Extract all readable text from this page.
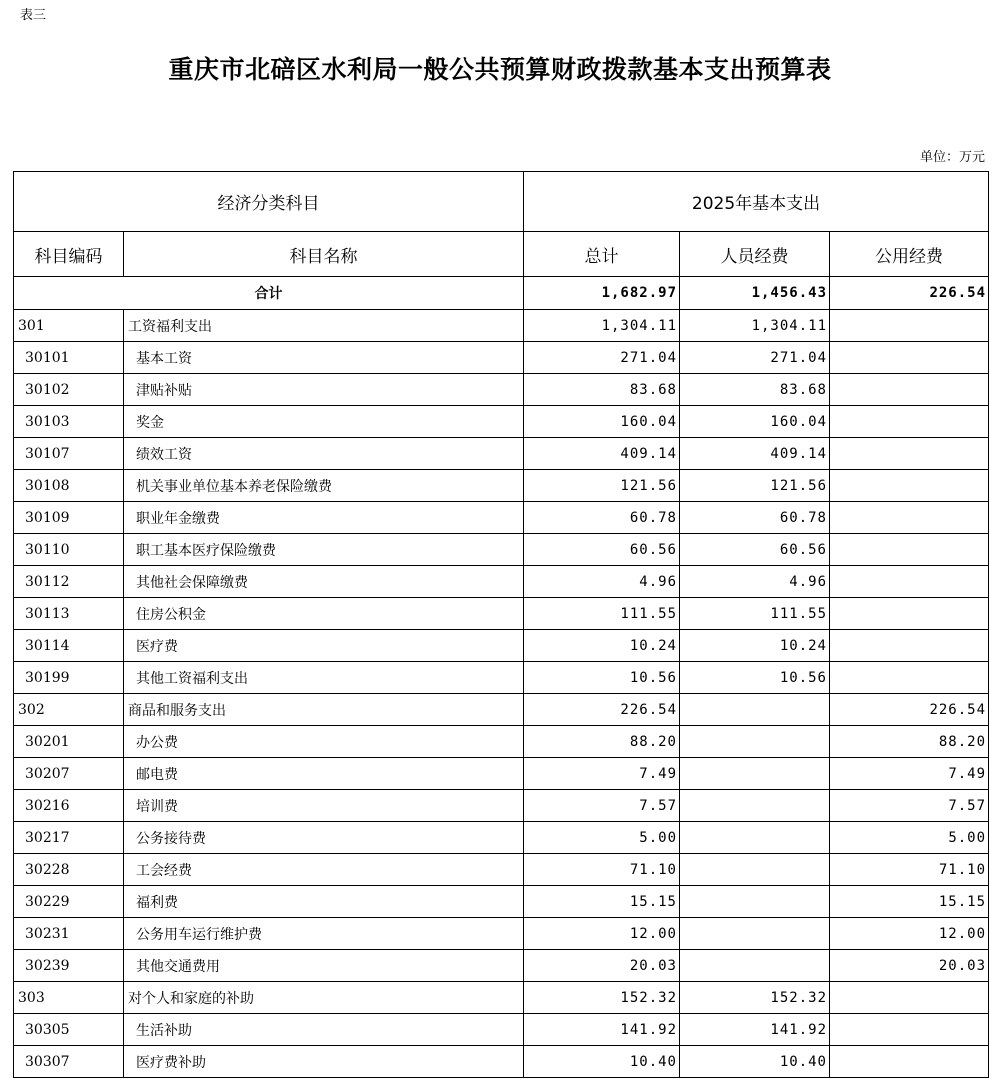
表三
重庆市北碚区水利局一般公共预算财政拨款基本支出预算表
单位：万元
经济分类科目		2025年基本支出		
科目编码	科目名称	总计	人员经费	公用经费
合计		1,682.97	1,456.43	226.54
301	工资福利支出	1,304.11	1,304.11	
30101	基本工资	271.04	271.04	
30102	津贴补贴	83.68	83.68	
30103	奖金	160.04	160.04	
30107	绩效工资	409.14	409.14	
30108	机关事业单位基本养老保险缴费	121.56	121.56	
30109	职业年金缴费	60.78	60.78	
30110	职工基本医疗保险缴费	60.56	60.56	
30112	其他社会保障缴费	4.96	4.96	
30113	住房公积金	111.55	111.55	
30114	医疗费	10.24	10.24	
30199	其他工资福利支出	10.56	10.56	
302	商品和服务支出	226.54		226.54
30201	办公费	88.20		88.20
30207	邮电费	7.49		7.49
30216	培训费	7.57		7.57
30217	公务接待费	5.00		5.00
30228	工会经费	71.10		71.10
30229	福利费	15.15		15.15
30231	公务用车运行维护费	12.00		12.00
30239	其他交通费用	20.03		20.03
303	对个人和家庭的补助	152.32	152.32	
30305	生活补助	141.92	141.92	
30307	医疗费补助	10.40	10.40	
